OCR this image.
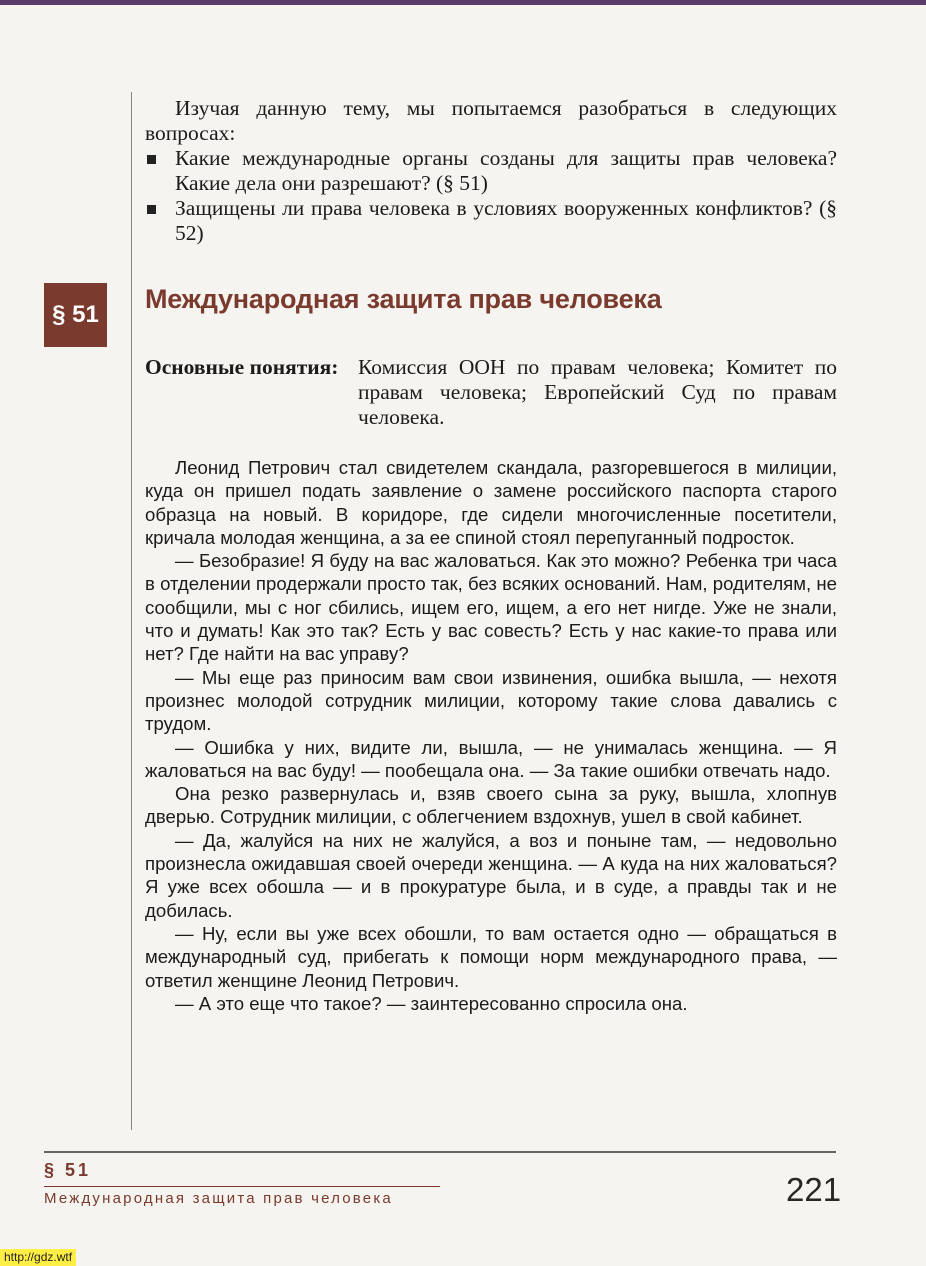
Изучая данную тему, мы попытаемся разобраться в следующих вопросах:

Какие международные органы созданы для защиты прав человека? Какие дела они разрешают? (§ 51)
Защищены ли права человека в условиях вооруженных конфликтов? (§ 52)
§ 51
Международная защита прав человека
Основные понятия: Комиссия ООН по правам человека; Комитет по правам человека; Европейский Суд по правам человека.

Леонид Петрович стал свидетелем скандала, разгоревшегося в милиции, куда он пришел подать заявление о замене российского паспорта старого образца на новый. В коридоре, где сидели многочисленные посетители, кричала молодая женщина, а за ее спиной стоял перепуганный подросток.

— Безобразие! Я буду на вас жаловаться. Как это можно? Ребенка три часа в отделении продержали просто так, без всяких оснований. Нам, родителям, не сообщили, мы с ног сбились, ищем его, ищем, а его нет нигде. Уже не знали, что и думать! Как это так? Есть у вас совесть? Есть у нас какие-то права или нет? Где найти на вас управу?

— Мы еще раз приносим вам свои извинения, ошибка вышла, — нехотя произнес молодой сотрудник милиции, которому такие слова давались с трудом.

— Ошибка у них, видите ли, вышла, — не унималась женщина. — Я жаловаться на вас буду! — пообещала она. — За такие ошибки отвечать надо.

Она резко развернулась и, взяв своего сына за руку, вышла, хлопнув дверью. Сотрудник милиции, с облегчением вздохнув, ушел в свой кабинет.

— Да, жалуйся на них не жалуйся, а воз и поныне там, — недовольно произнесла ожидавшая своей очереди женщина. — А куда на них жаловаться? Я уже всех обошла — и в прокуратуре была, и в суде, а правды так и не добилась.

— Ну, если вы уже всех обошли, то вам остается одно — обращаться в международный суд, прибегать к помощи норм международного права, — ответил женщине Леонид Петрович.

— А это еще что такое? — заинтересованно спросила она.

§ 51
Международная защита прав человека	221
http://gdz.wtf
